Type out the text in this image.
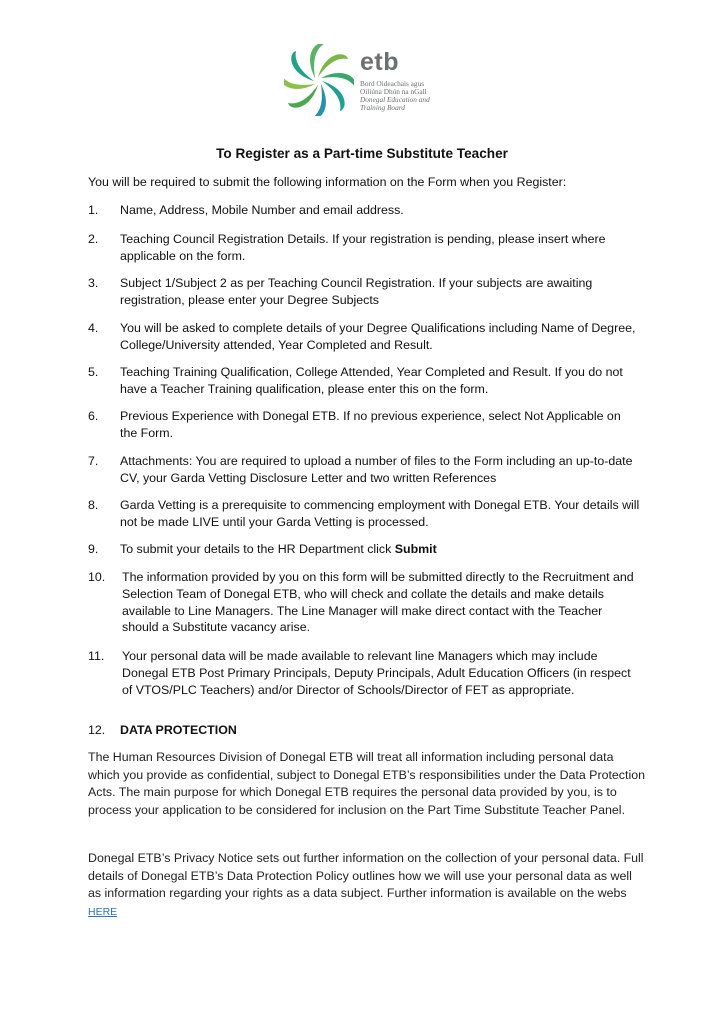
etb
Bord Oideachais agus
Oiliúna Dhún na nGall
Donegal Education and
Training Board
To Register as a Part-time Substitute Teacher
You will be required to submit the following information on the Form when you Register:
1. Name, Address, Mobile Number and email address.
2. Teaching Council Registration Details. If your registration is pending, please insert where applicable on the form.
3. Subject 1/Subject 2 as per Teaching Council Registration. If your subjects are awaiting registration, please enter your Degree Subjects
4. You will be asked to complete details of your Degree Qualifications including Name of Degree, College/University attended, Year Completed and Result.
5. Teaching Training Qualification, College Attended, Year Completed and Result. If you do not have a Teacher Training qualification, please enter this on the form.
6. Previous Experience with Donegal ETB. If no previous experience, select Not Applicable on the Form.
7. Attachments: You are required to upload a number of files to the Form including an up-to-date CV, your Garda Vetting Disclosure Letter and two written References
8. Garda Vetting is a prerequisite to commencing employment with Donegal ETB. Your details will not be made LIVE until your Garda Vetting is processed.
9. To submit your details to the HR Department click Submit
10. The information provided by you on this form will be submitted directly to the Recruitment and Selection Team of Donegal ETB, who will check and collate the details and make details available to Line Managers. The Line Manager will make direct contact with the Teacher should a Substitute vacancy arise.
11. Your personal data will be made available to relevant line Managers which may include Donegal ETB Post Primary Principals, Deputy Principals, Adult Education Officers (in respect of VTOS/PLC Teachers) and/or Director of Schools/Director of FET as appropriate.
12. DATA PROTECTION
The Human Resources Division of Donegal ETB will treat all information including personal data which you provide as confidential, subject to Donegal ETB’s responsibilities under the Data Protection Acts. The main purpose for which Donegal ETB requires the personal data provided by you, is to process your application to be considered for inclusion on the Part Time Substitute Teacher Panel.
Donegal ETB’s Privacy Notice sets out further information on the collection of your personal data. Full details of Donegal ETB’s Data Protection Policy outlines how we will use your personal data as well as information regarding your rights as a data subject. Further information is available on the webs HERE
